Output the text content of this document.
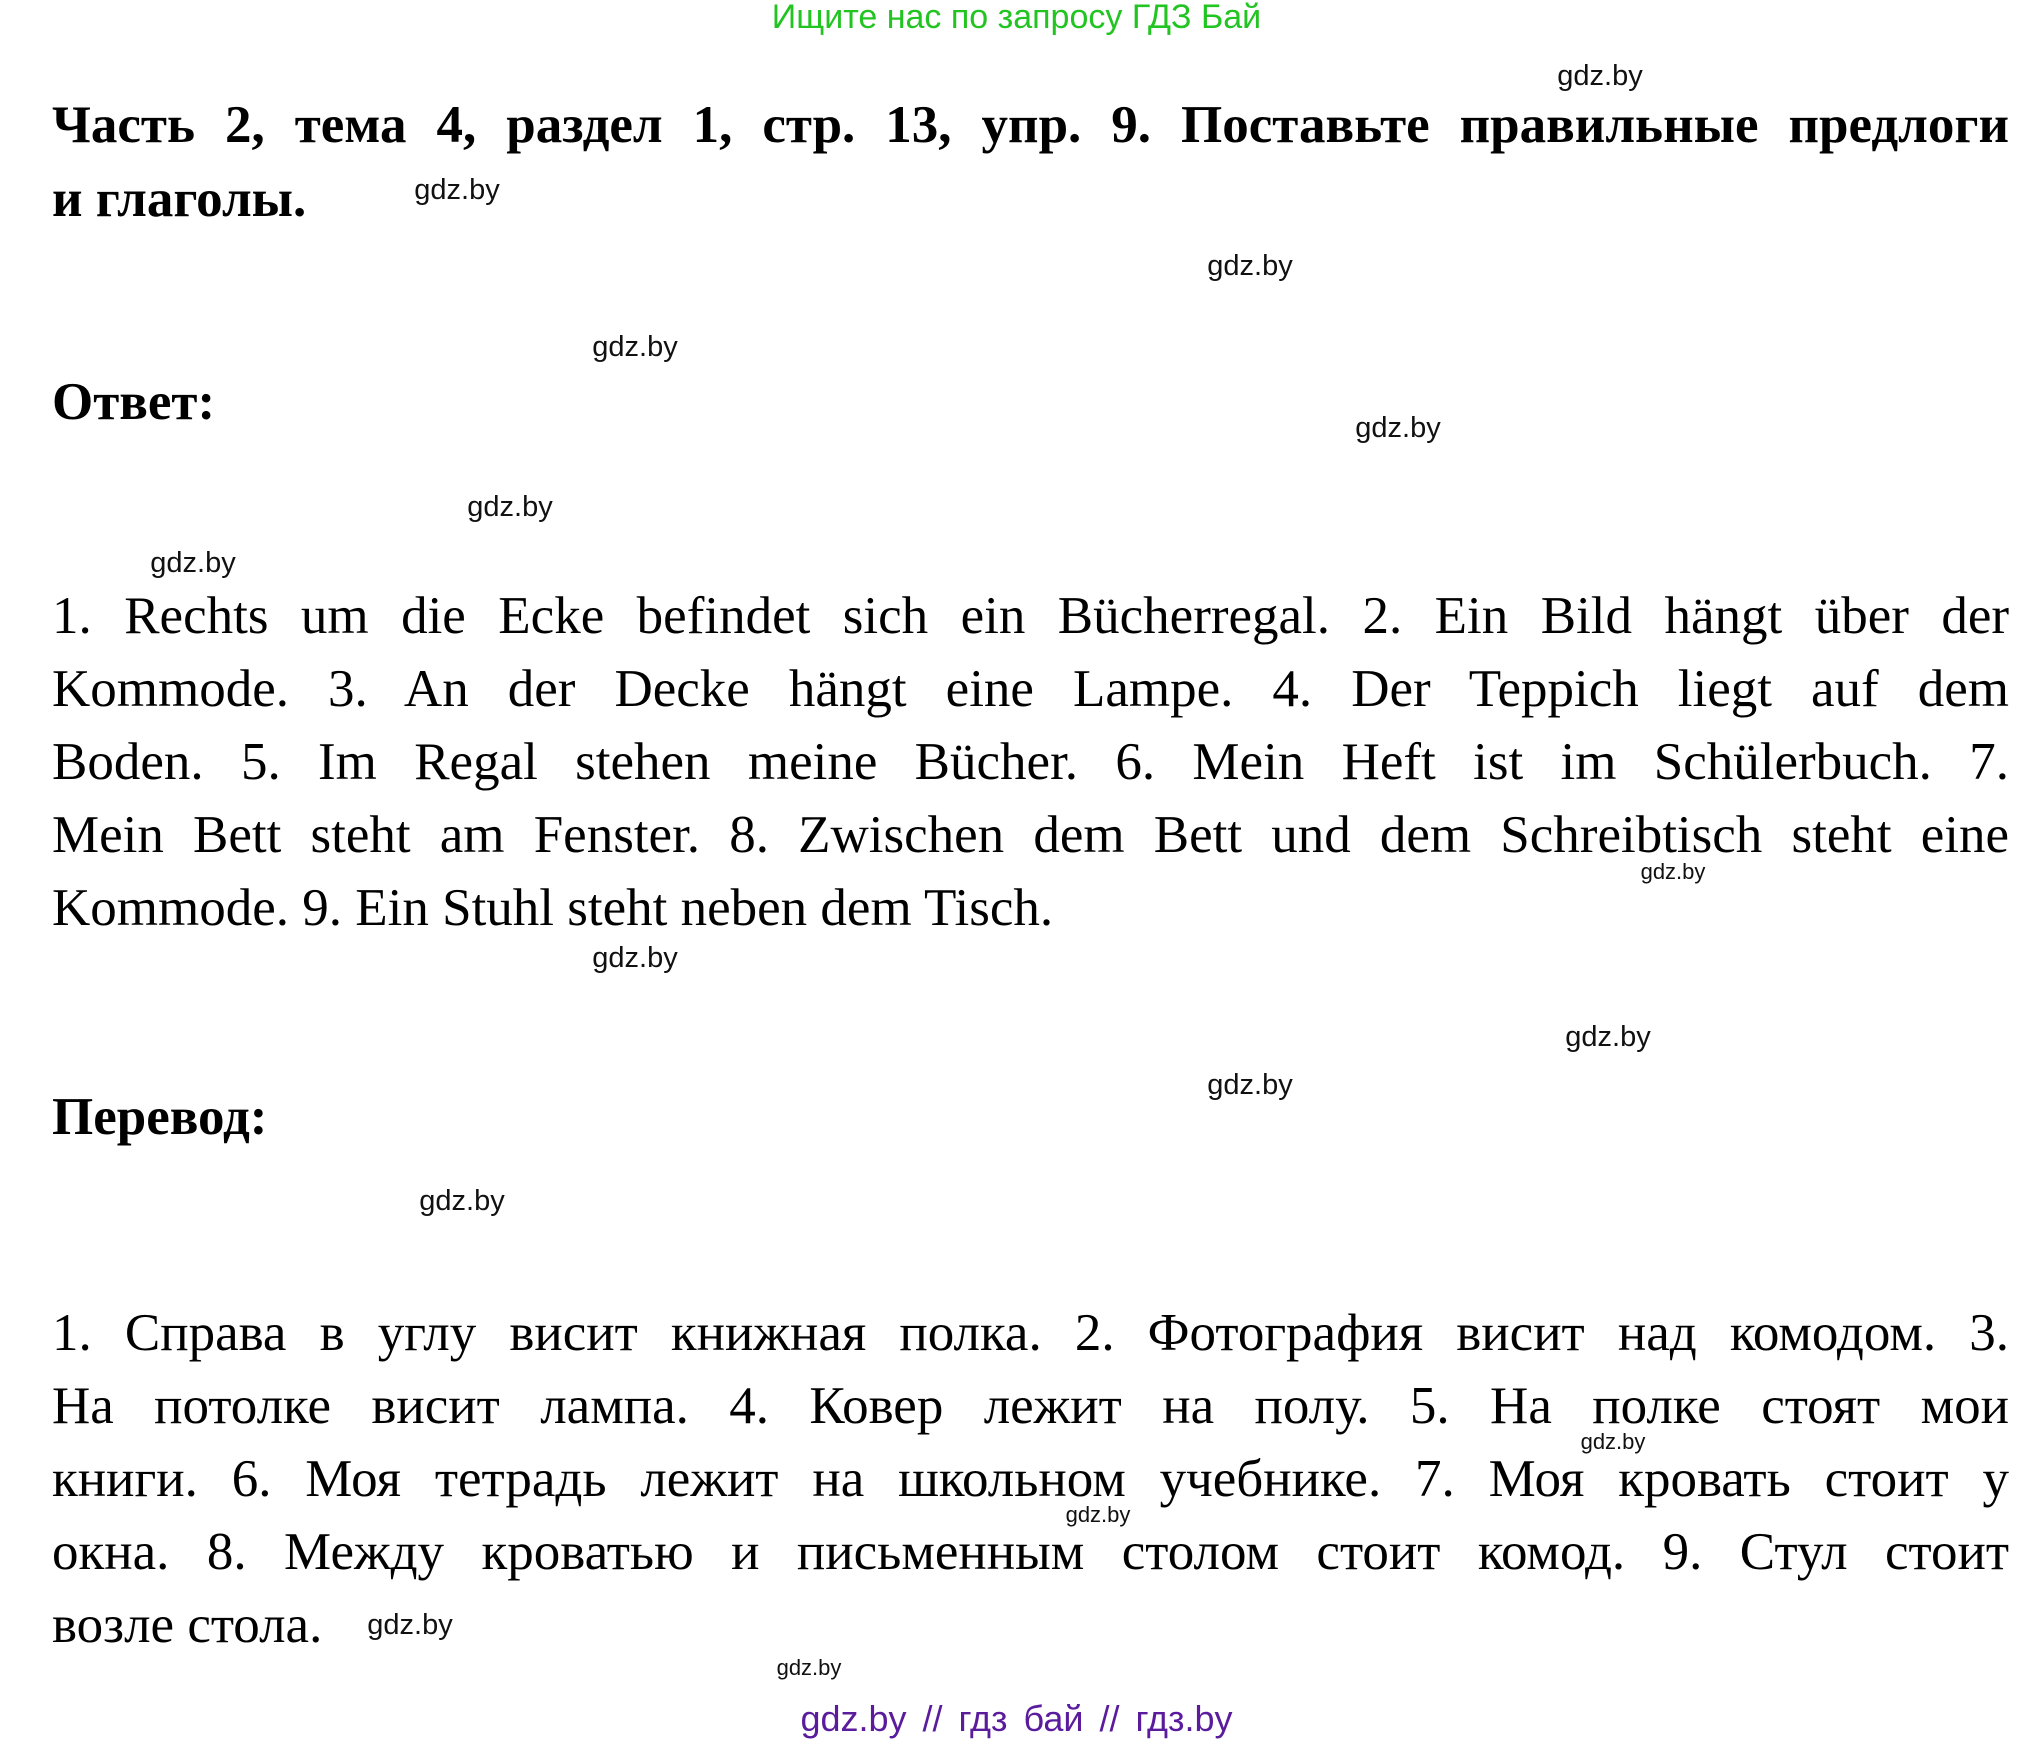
Ищите нас по запросу ГДЗ Бай
Часть 2, тема 4, раздел 1, стр. 13, упр. 9. Поставьте правильные предлоги
и глаголы.
Ответ:
1. Rechts um die Ecke befindet sich ein Bücherregal. 2. Ein Bild hängt über der
Kommode. 3. An der Decke hängt eine Lampe. 4. Der Teppich liegt auf dem
Boden. 5. Im Regal stehen meine Bücher. 6. Mein Heft ist im Schülerbuch. 7.
Mein Bett steht am Fenster. 8. Zwischen dem Bett und dem Schreibtisch steht eine
Kommode. 9. Ein Stuhl steht neben dem Tisch.
Перевод:
1. Справа в углу висит книжная полка. 2. Фотография висит над комодом. 3.
На потолке висит лампа. 4. Ковер лежит на полу. 5. На полке стоят мои
книги. 6. Моя тетрадь лежит на школьном учебнике. 7. Моя кровать стоит у
окна. 8. Между кроватью и письменным столом стоит комод. 9. Стул стоит
возле стола.
gdz.by
gdz.by
gdz.by
gdz.by
gdz.by
gdz.by
gdz.by
gdz.by
gdz.by
gdz.by
gdz.by
gdz.by
gdz.by
gdz.by
gdz.by
gdz.by
gdz.by // гдз бай // гдз.by
